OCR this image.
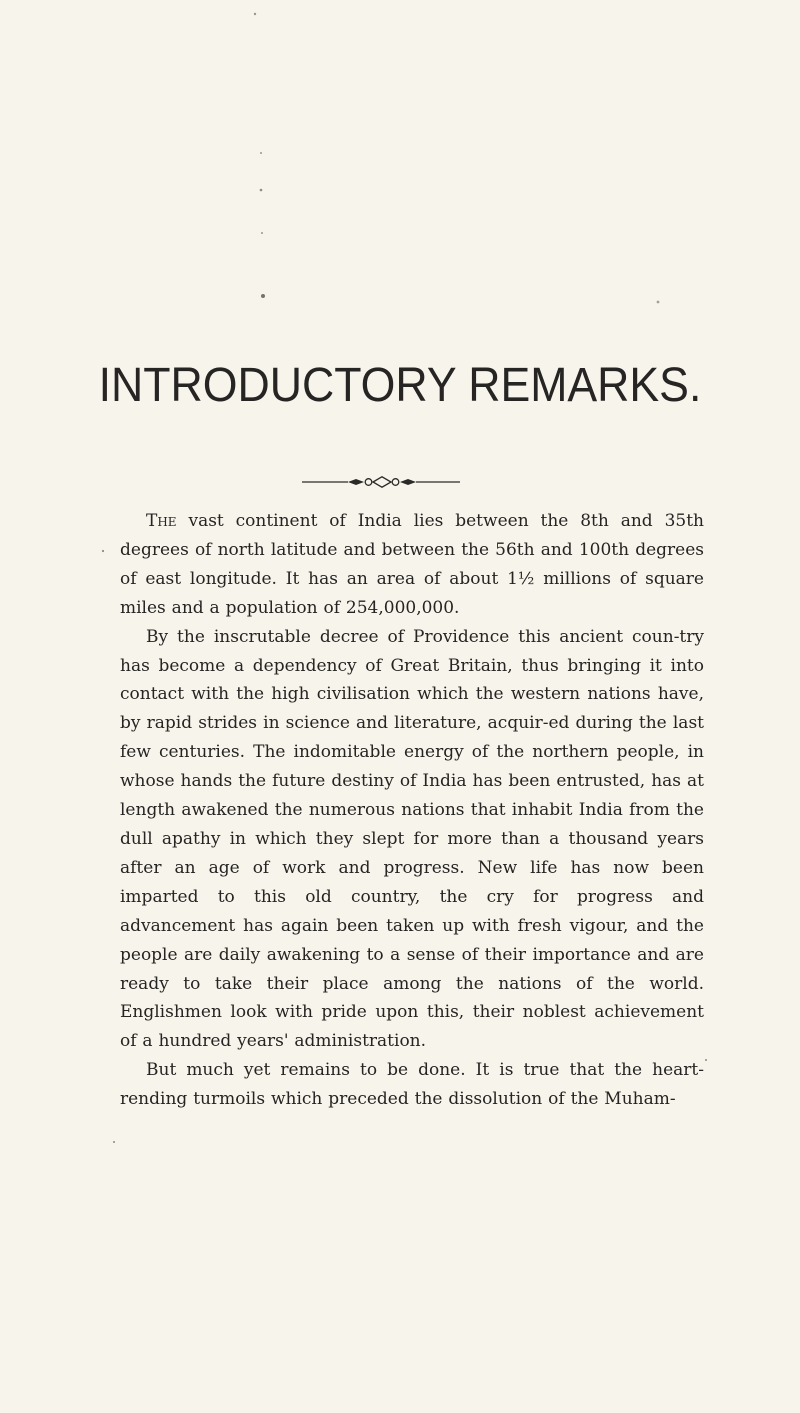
INTRODUCTORY REMARKS.

The vast continent of India lies between the 8th and 35th degrees of north latitude and between the 56th and 100th degrees of east longitude. It has an area of about 1½ millions of square miles and a population of 254,000,000.

By the inscrutable decree of Providence this ancient coun-try has become a dependency of Great Britain, thus bringing it into contact with the high civilisation which the western nations have, by rapid strides in science and literature, acquir-ed during the last few centuries. The indomitable energy of the northern people, in whose hands the future destiny of India has been entrusted, has at length awakened the numerous nations that inhabit India from the dull apathy in which they slept for more than a thousand years after an age of work and progress. New life has now been imparted to this old country, the cry for progress and advancement has again been taken up with fresh vigour, and the people are daily awakening to a sense of their importance and are ready to take their place among the nations of the world. Englishmen look with pride upon this, their noblest achievement of a hundred years' administration.

But much yet remains to be done. It is true that the heart-rending turmoils which preceded the dissolution of the Muham-
